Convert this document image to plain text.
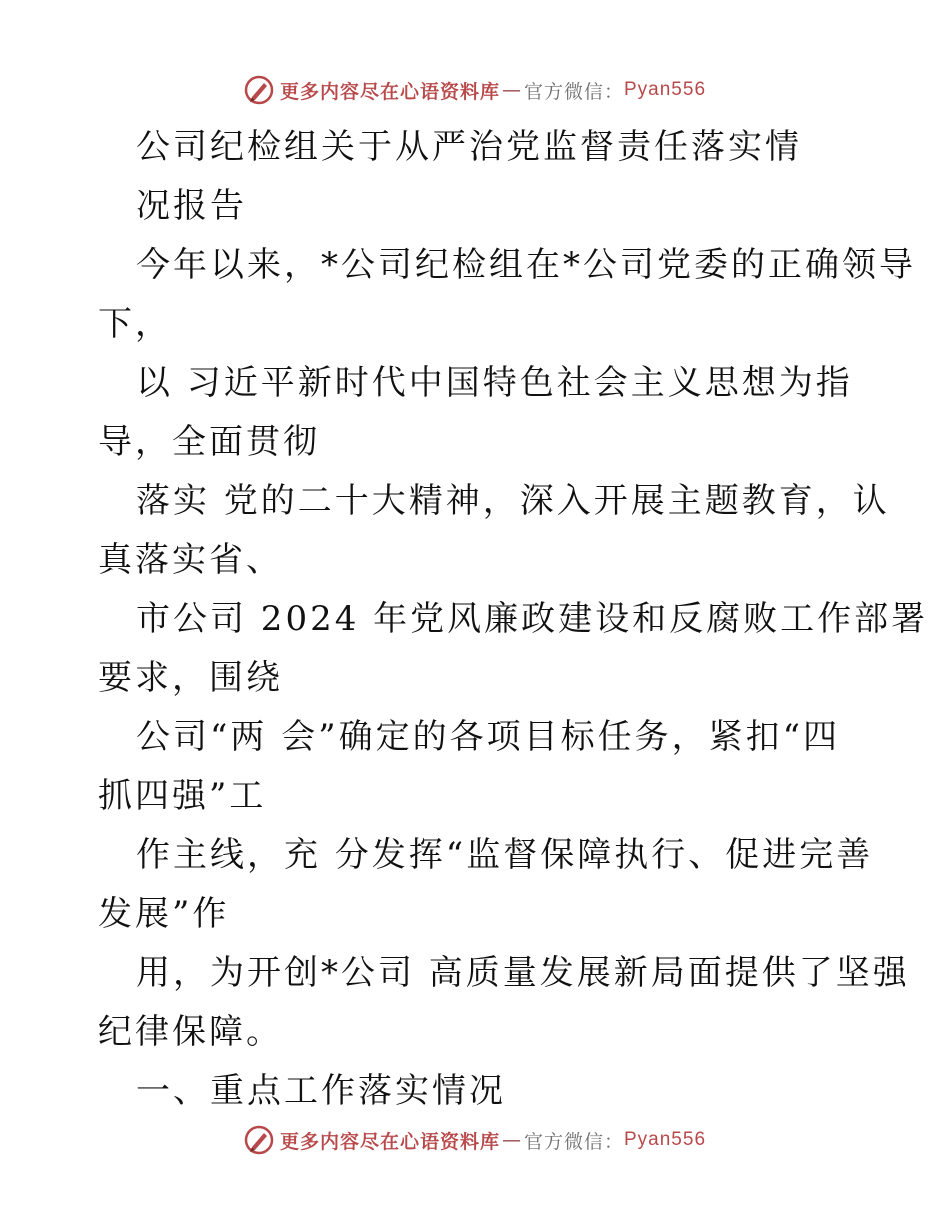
更多内容尽在心语资料库 — 官方微信： Pyan556
公司纪检组关于从严治党监督责任落实情
况报告
今年以来，*公司纪检组在*公司党委的正确领导
下，
以 习近平新时代中国特色社会主义思想为指
导，全面贯彻
落实 党的二十大精神，深入开展主题教育，认
真落实省、
市公司 2024 年党风廉政建设和反腐败工作部署
要求，围绕
公司“两 会”确定的各项目标任务，紧扣“四
抓四强”工
作主线，充 分发挥“监督保障执行、促进完善
发展”作
用，为开创*公司 高质量发展新局面提供了坚强
纪律保障。
一、重点工作落实情况
更多内容尽在心语资料库 — 官方微信： Pyan556
